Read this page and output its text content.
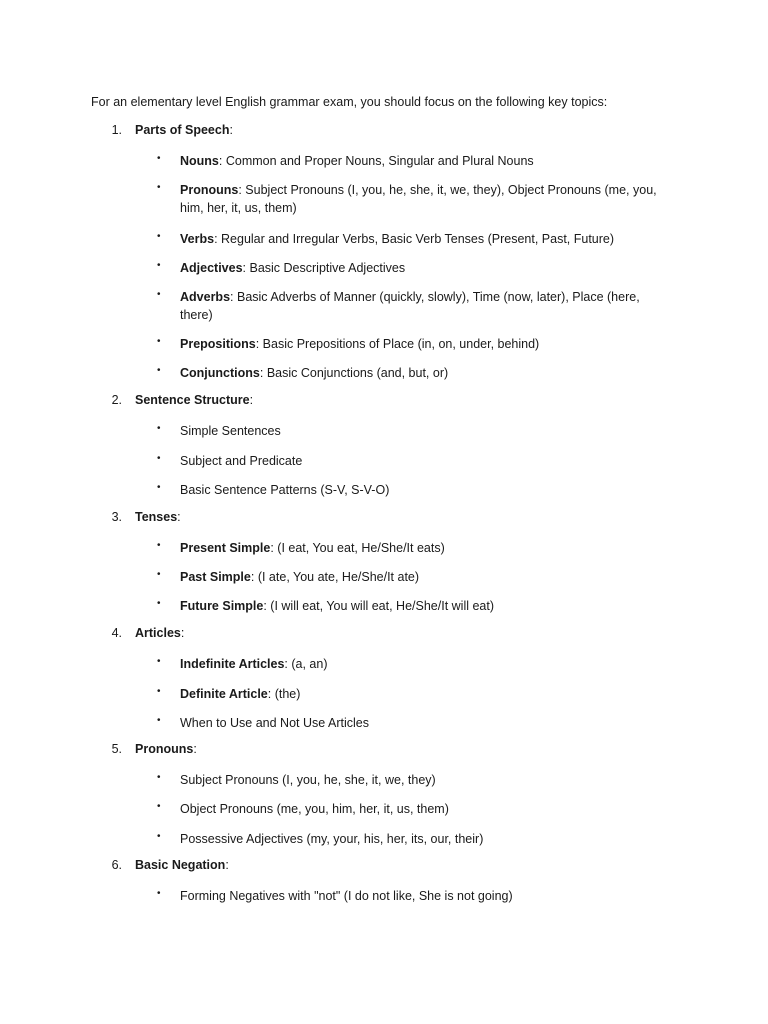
For an elementary level English grammar exam, you should focus on the following key topics:
1. Parts of Speech:
• Nouns: Common and Proper Nouns, Singular and Plural Nouns
• Pronouns: Subject Pronouns (I, you, he, she, it, we, they), Object Pronouns (me, you, him, her, it, us, them)
• Verbs: Regular and Irregular Verbs, Basic Verb Tenses (Present, Past, Future)
• Adjectives: Basic Descriptive Adjectives
• Adverbs: Basic Adverbs of Manner (quickly, slowly), Time (now, later), Place (here, there)
• Prepositions: Basic Prepositions of Place (in, on, under, behind)
• Conjunctions: Basic Conjunctions (and, but, or)
2. Sentence Structure:
• Simple Sentences
• Subject and Predicate
• Basic Sentence Patterns (S-V, S-V-O)
3. Tenses:
• Present Simple: (I eat, You eat, He/She/It eats)
• Past Simple: (I ate, You ate, He/She/It ate)
• Future Simple: (I will eat, You will eat, He/She/It will eat)
4. Articles:
• Indefinite Articles: (a, an)
• Definite Article: (the)
• When to Use and Not Use Articles
5. Pronouns:
• Subject Pronouns (I, you, he, she, it, we, they)
• Object Pronouns (me, you, him, her, it, us, them)
• Possessive Adjectives (my, your, his, her, its, our, their)
6. Basic Negation:
• Forming Negatives with "not" (I do not like, She is not going)
